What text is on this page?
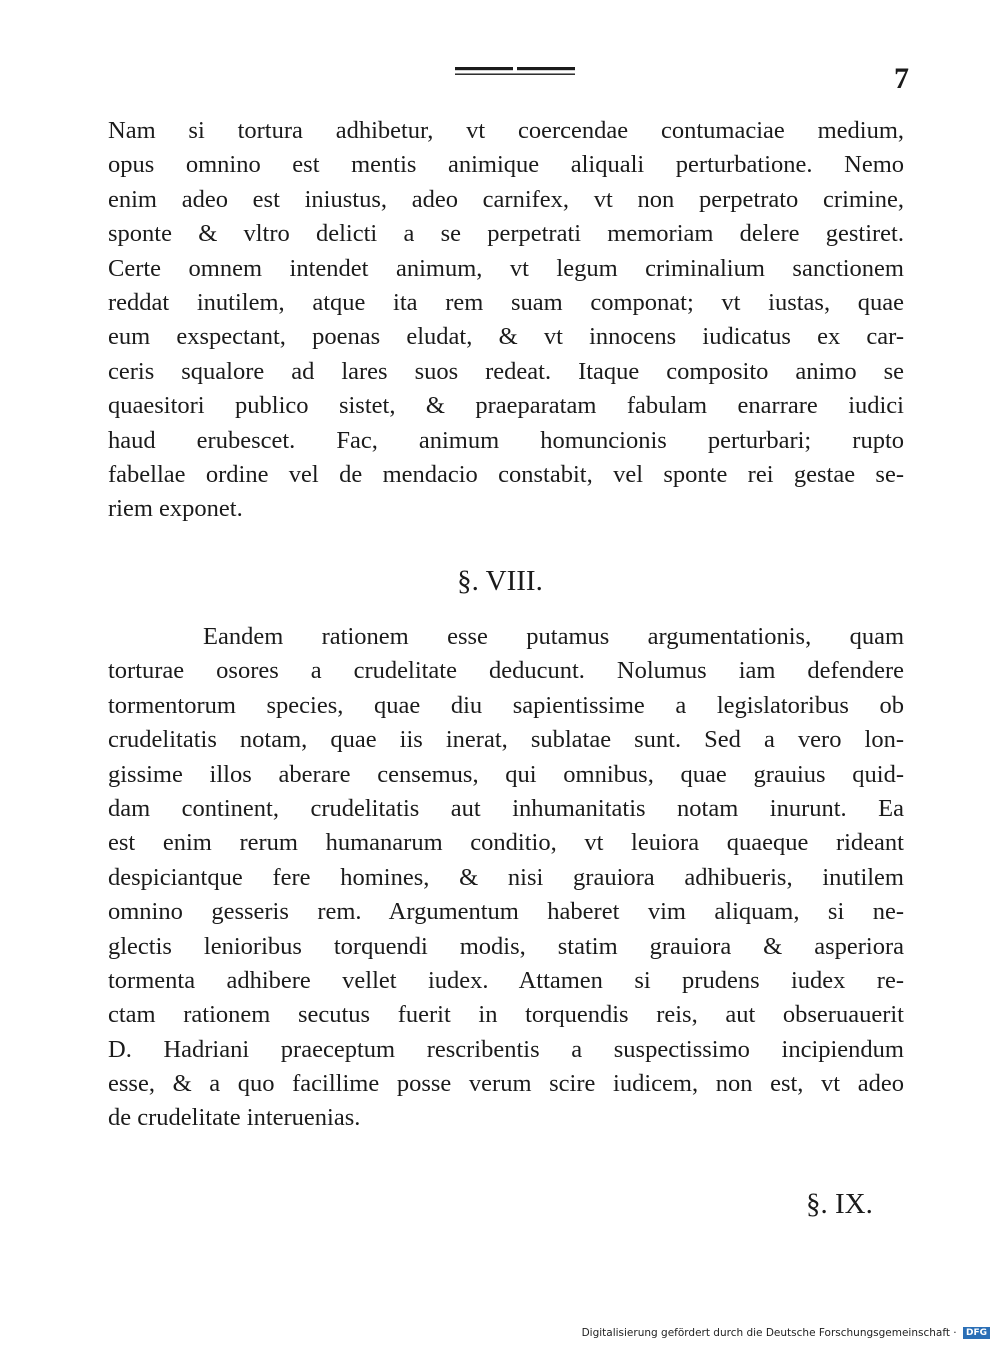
7
Nam si tortura adhibetur, vt coercendae contumaciae medium,
opus omnino est mentis animique aliquali perturbatione. Nemo
enim adeo est iniustus, adeo carnifex, vt non perpetrato crimine,
sponte & vltro delicti a se perpetrati memoriam delere gestiret.
Certe omnem intendet animum, vt legum criminalium sanctionem
reddat inutilem, atque ita rem suam componat; vt iustas, quae
eum exspectant, poenas eludat, & vt innocens iudicatus ex car-
ceris squalore ad lares suos redeat. Itaque composito animo se
quaesitori publico sistet, & praeparatam fabulam enarrare iudici
haud erubescet. Fac, animum homuncionis perturbari; rupto
fabellae ordine vel de mendacio constabit, vel sponte rei gestae se-
riem exponet.
§. VIII.
Eandem rationem esse putamus argumentationis, quam
torturae osores a crudelitate deducunt. Nolumus iam defendere
tormentorum species, quae diu sapientissime a legislatoribus ob
crudelitatis notam, quae iis inerat, sublatae sunt. Sed a vero lon-
gissime illos aberare censemus, qui omnibus, quae grauius quid-
dam continent, crudelitatis aut inhumanitatis notam inurunt. Ea
est enim rerum humanarum conditio, vt leuiora quaeque rideant
despiciantque fere homines, & nisi grauiora adhibueris, inutilem
omnino gesseris rem. Argumentum haberet vim aliquam, si ne-
glectis lenioribus torquendi modis, statim grauiora & asperiora
tormenta adhibere vellet iudex. Attamen si prudens iudex re-
ctam rationem secutus fuerit in torquendis reis, aut obseruauerit
D. Hadriani praeceptum rescribentis a suspectissimo incipiendum
esse, & a quo facillime posse verum scire iudicem, non est, vt adeo
de crudelitate interuenias.
§. IX.
Digitalisierung gefördert durch die Deutsche Forschungsgemeinschaft · DFG
